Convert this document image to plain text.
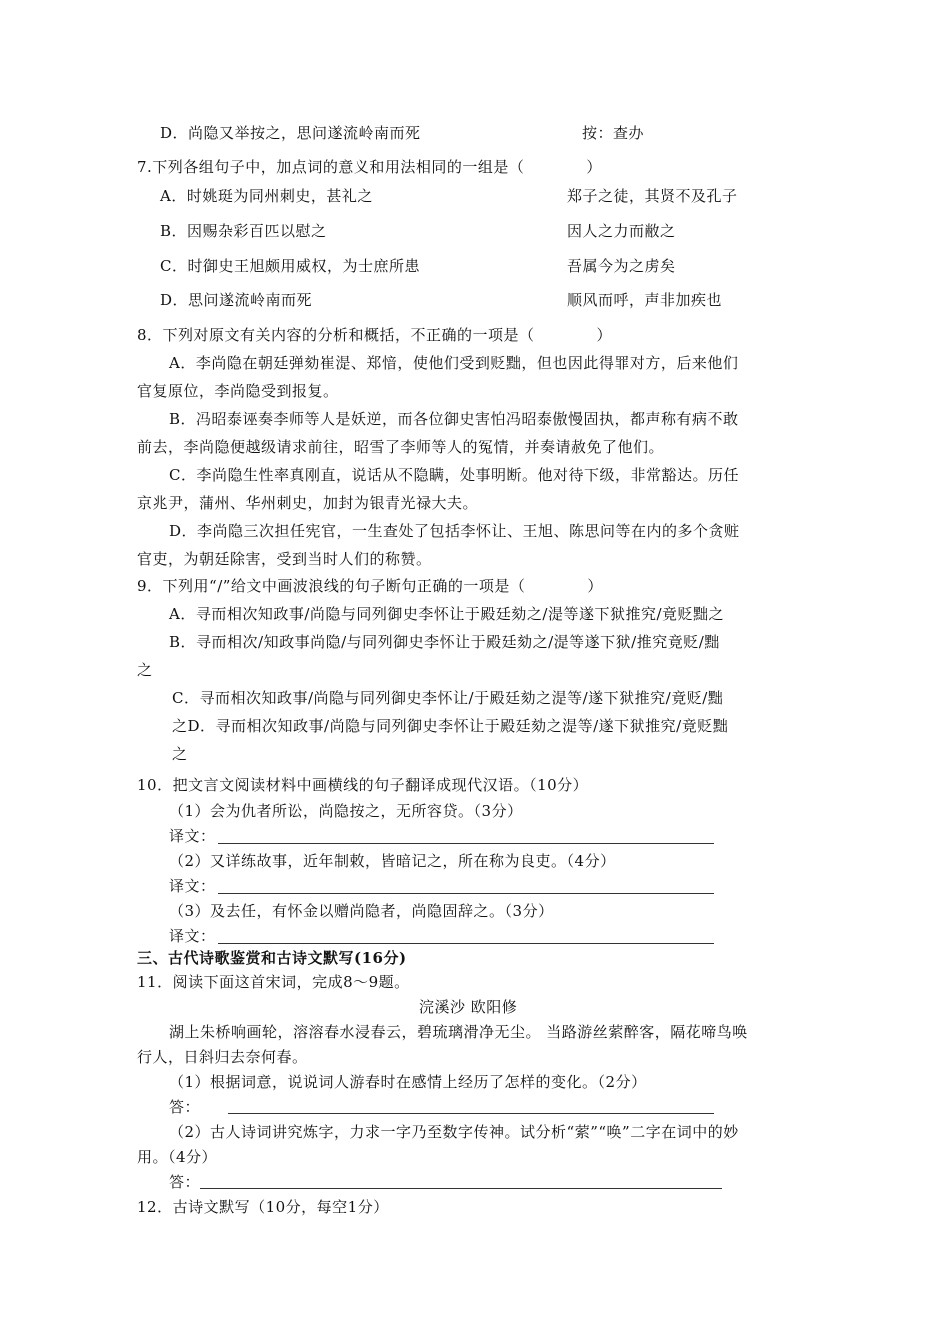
D．尚隐又举按之，思问遂流岭南而死	按：查办
7.下列各组句子中，加点词的意义和用法相同的一组是（　　　　）
A．时姚珽为同州刺史，甚礼之	郑子之徒，其贤不及孔子
B．因赐杂彩百匹以慰之	因人之力而敝之
C．时御史王旭颇用威权，为士庶所患	吾属今为之虏矣
D．思问遂流岭南而死	顺风而呼，声非加疾也
8．下列对原文有关内容的分析和概括，不正确的一项是（　　　　）
A．李尚隐在朝廷弹劾崔湜、郑愔，使他们受到贬黜，但也因此得罪对方，后来他们
官复原位，李尚隐受到报复。
B．冯昭泰诬奏李师等人是妖逆，而各位御史害怕冯昭泰傲慢固执，都声称有病不敢
前去，李尚隐便越级请求前往，昭雪了李师等人的冤情，并奏请赦免了他们。
C．李尚隐生性率真刚直，说话从不隐瞒，处事明断。他对待下级，非常豁达。历任
京兆尹，蒲州、华州刺史，加封为银青光禄大夫。
D．李尚隐三次担任宪官，一生查处了包括李怀让、王旭、陈思问等在内的多个贪赃
官吏，为朝廷除害，受到当时人们的称赞。
9．下列用“/”给文中画波浪线的句子断句正确的一项是（　　　　）
A．寻而相次知政事/尚隐与同列御史李怀让于殿廷劾之/湜等遂下狱推究/竟贬黜之
B．寻而相次/知政事尚隐/与同列御史李怀让于殿廷劾之/湜等遂下狱/推究竟贬/黜
之
C．寻而相次知政事/尚隐与同列御史李怀让/于殿廷劾之湜等/遂下狱推究/竟贬/黜
之D．寻而相次知政事/尚隐与同列御史李怀让于殿廷劾之湜等/遂下狱推究/竟贬黜
之
10．把文言文阅读材料中画横线的句子翻译成现代汉语。（10分）
（1）会为仇者所讼，尚隐按之，无所容贷。（3分）
译文：
（2）又详练故事，近年制敕，皆暗记之，所在称为良吏。（4分）
译文：
（3）及去任，有怀金以赠尚隐者，尚隐固辞之。（3分）
译文：
三、古代诗歌鉴赏和古诗文默写(16分)
11．阅读下面这首宋词，完成8～9题。
浣溪沙 欧阳修
湖上朱桥响画轮，溶溶春水浸春云，碧琉璃滑净无尘。 当路游丝萦醉客，隔花啼鸟唤
行人，日斜归去奈何春。
（1）根据词意，说说词人游春时在感情上经历了怎样的变化。（2分）
答：
（2）古人诗词讲究炼字，力求一字乃至数字传神。试分析“萦”“唤”二字在词中的妙
用。（4分）
答：
12．古诗文默写（10分，每空1分）
